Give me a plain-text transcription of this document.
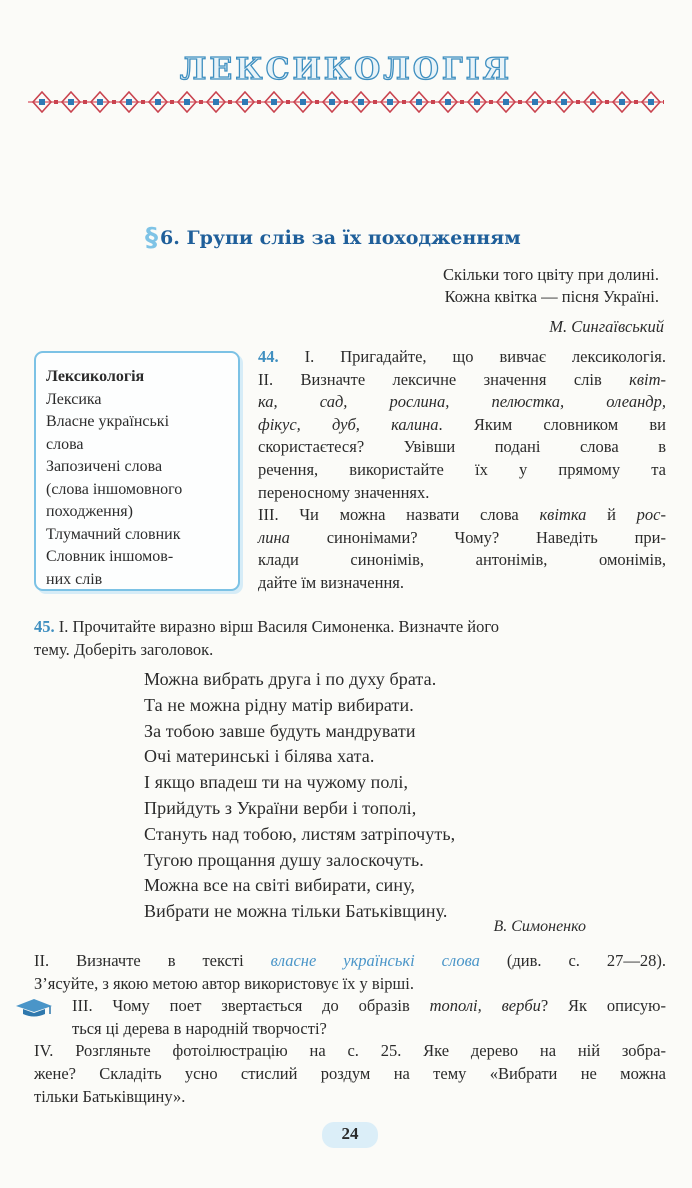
ЛЕКСИКОЛОГІЯ
§ 6. Групи слів за їх походженням
Скільки того цвіту при долині.
Кожна квітка — пісня Україні.
М. Сингаївський
Лексикологія
Лексика
Власне українські
слова
Запозичені слова
(слова іншомовного
походження)
Тлумачний словник
Словник іншомов-
них слів
44. I. Пригадайте, що вивчає лексикологія.
II. Визначте лексичне значення слів квіт-
ка, сад, рослина, пелюстка, олеандр,
фікус, дуб, калина. Яким словником ви
скористаєтеся? Увівши подані слова в
речення, використайте їх у прямому та
переносному значеннях.
III. Чи можна назвати слова квітка й рос-
лина синонімами? Чому? Наведіть при-
клади синонімів, антонімів, омонімів,
дайте їм визначення.
45. I. Прочитайте виразно вірш Василя Симоненка. Визначте його
тему. Доберіть заголовок.
Можна вибрать друга і по духу брата.
Та не можна рідну матір вибирати.
За тобою завше будуть мандрувати
Очі материнські і білява хата.
І якщо впадеш ти на чужому полі,
Прийдуть з України верби і тополі,
Стануть над тобою, листям затріпочуть,
Тугою прощання душу залоскочуть.
Можна все на світі вибирати, сину,
Вибрати не можна тільки Батьківщину.
В. Симоненко
II. Визначте в тексті власне українські слова (див. с. 27—28).
З’ясуйте, з якою метою автор використовує їх у вірші.
III. Чому поет звертається до образів тополі, верби? Як описую-
ться ці дерева в народній творчості?
IV. Розгляньте фотоілюстрацію на с. 25. Яке дерево на ній зобра-
жене? Складіть усно стислий роздум на тему «Вибрати не можна
тільки Батьківщину».
24
